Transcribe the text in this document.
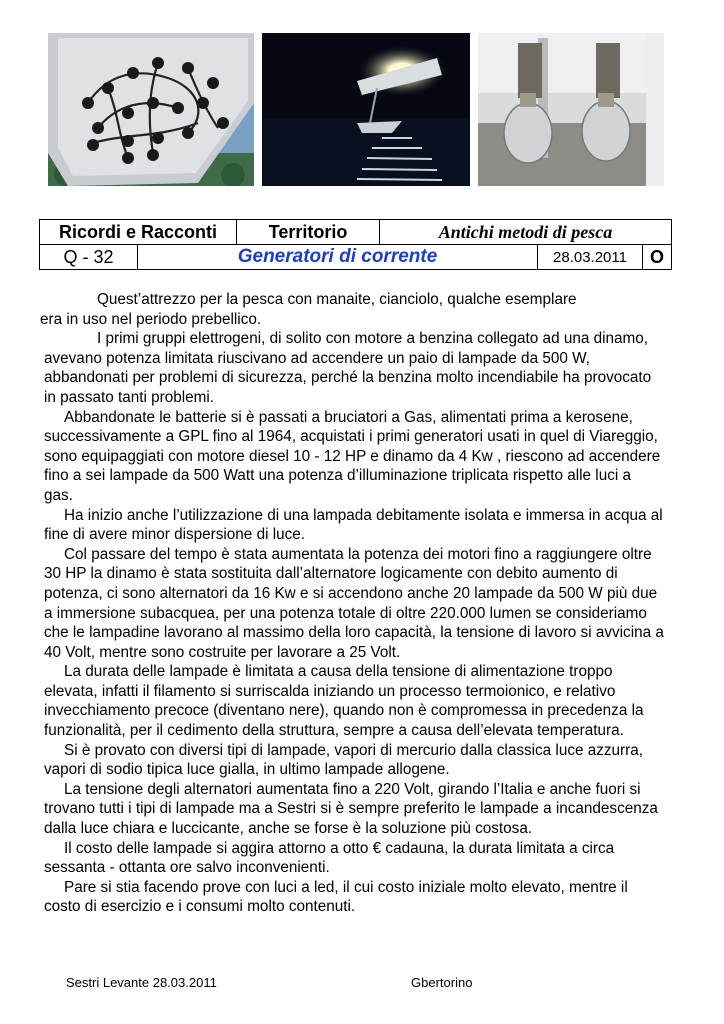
Ricordi e Racconti	Territorio	Antichi metodi di pesca
Q - 32	Generatori di corrente	28.03.2011	O

Quest’attrezzo per la pesca con manaite, cianciolo, qualche esemplare

era in uso nel periodo prebellico.

I primi gruppi elettrogeni, di solito con motore a benzina collegato ad una dinamo, avevano potenza limitata riuscivano ad accendere un paio di lampade da 500 W, abbandonati per problemi di sicurezza, perché la benzina molto incendiabile ha provocato in passato tanti problemi.

Abbandonate le batterie si è passati a bruciatori a Gas, alimentati prima a kerosene, successivamente a GPL fino al 1964, acquistati i primi generatori usati in quel di Viareggio, sono equipaggiati con motore diesel 10 - 12 HP e dinamo da 4 Kw , riescono ad accendere fino a sei lampade da 500 Watt una potenza d’illuminazione triplicata rispetto alle luci a gas.

Ha inizio anche l’utilizzazione di una lampada debitamente isolata e immersa in acqua al fine di avere minor dispersione di luce.

Col passare del tempo è stata aumentata la potenza dei motori fino a raggiungere oltre 30 HP la dinamo è stata sostituita dall’alternatore logicamente con debito aumento di potenza, ci sono alternatori da 16 Kw e si accendono anche 20 lampade da 500 W più due a immersione subacquea, per una potenza totale di oltre 220.000 lumen se consideriamo che le lampadine lavorano al massimo della loro capacità, la tensione di lavoro si avvicina a 40 Volt, mentre sono costruite per lavorare a 25 Volt.

La durata delle lampade è limitata a causa della tensione di alimentazione troppo elevata, infatti il filamento si surriscalda iniziando un processo termoionico, e relativo invecchiamento precoce (diventano nere), quando non è compromessa in precedenza la funzionalità, per il cedimento della struttura, sempre a causa dell’elevata temperatura.

Si è provato con diversi tipi di lampade, vapori di mercurio dalla classica luce azzurra, vapori di sodio tipica luce gialla, in ultimo lampade allogene.

La tensione degli alternatori aumentata fino a 220 Volt, girando l’Italia e anche fuori si trovano tutti i tipi di lampade ma a Sestri si è sempre preferito le lampade a incandescenza dalla luce chiara e luccicante, anche se forse è la soluzione più costosa.

Il costo delle lampade si aggira attorno a otto € cadauna, la durata limitata a circa sessanta - ottanta ore salvo inconvenienti.

Pare si stia facendo prove con luci a led, il cui costo iniziale molto elevato, mentre il costo di esercizio e i consumi molto contenuti.

Sestri Levante 28.03.2011	Gbertorino
